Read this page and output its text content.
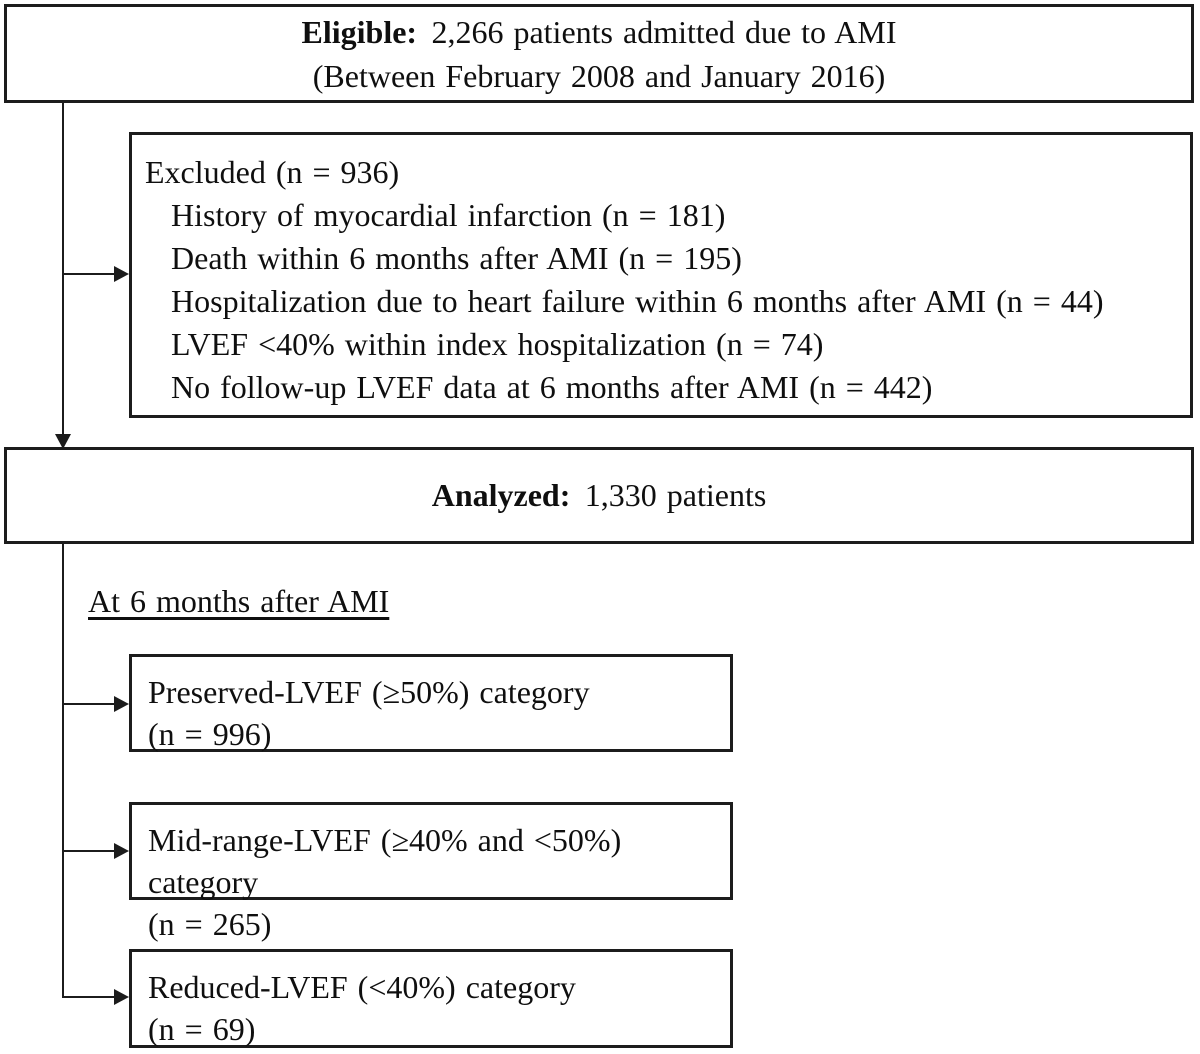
Eligible: 2,266 patients admitted due to AMI
(Between February 2008 and January 2016)
Excluded (n = 936)
History of myocardial infarction (n = 181)
Death within 6 months after AMI (n = 195)
Hospitalization due to heart failure within 6 months after AMI (n = 44)
LVEF <40% within index hospitalization (n = 74)
No follow-up LVEF data at 6 months after AMI (n = 442)
Analyzed: 1,330 patients
At 6 months after AMI
Preserved-LVEF (≥50%) category
(n = 996)
Mid-range-LVEF (≥40% and <50%) category
(n = 265)
Reduced-LVEF (<40%) category
(n = 69)
